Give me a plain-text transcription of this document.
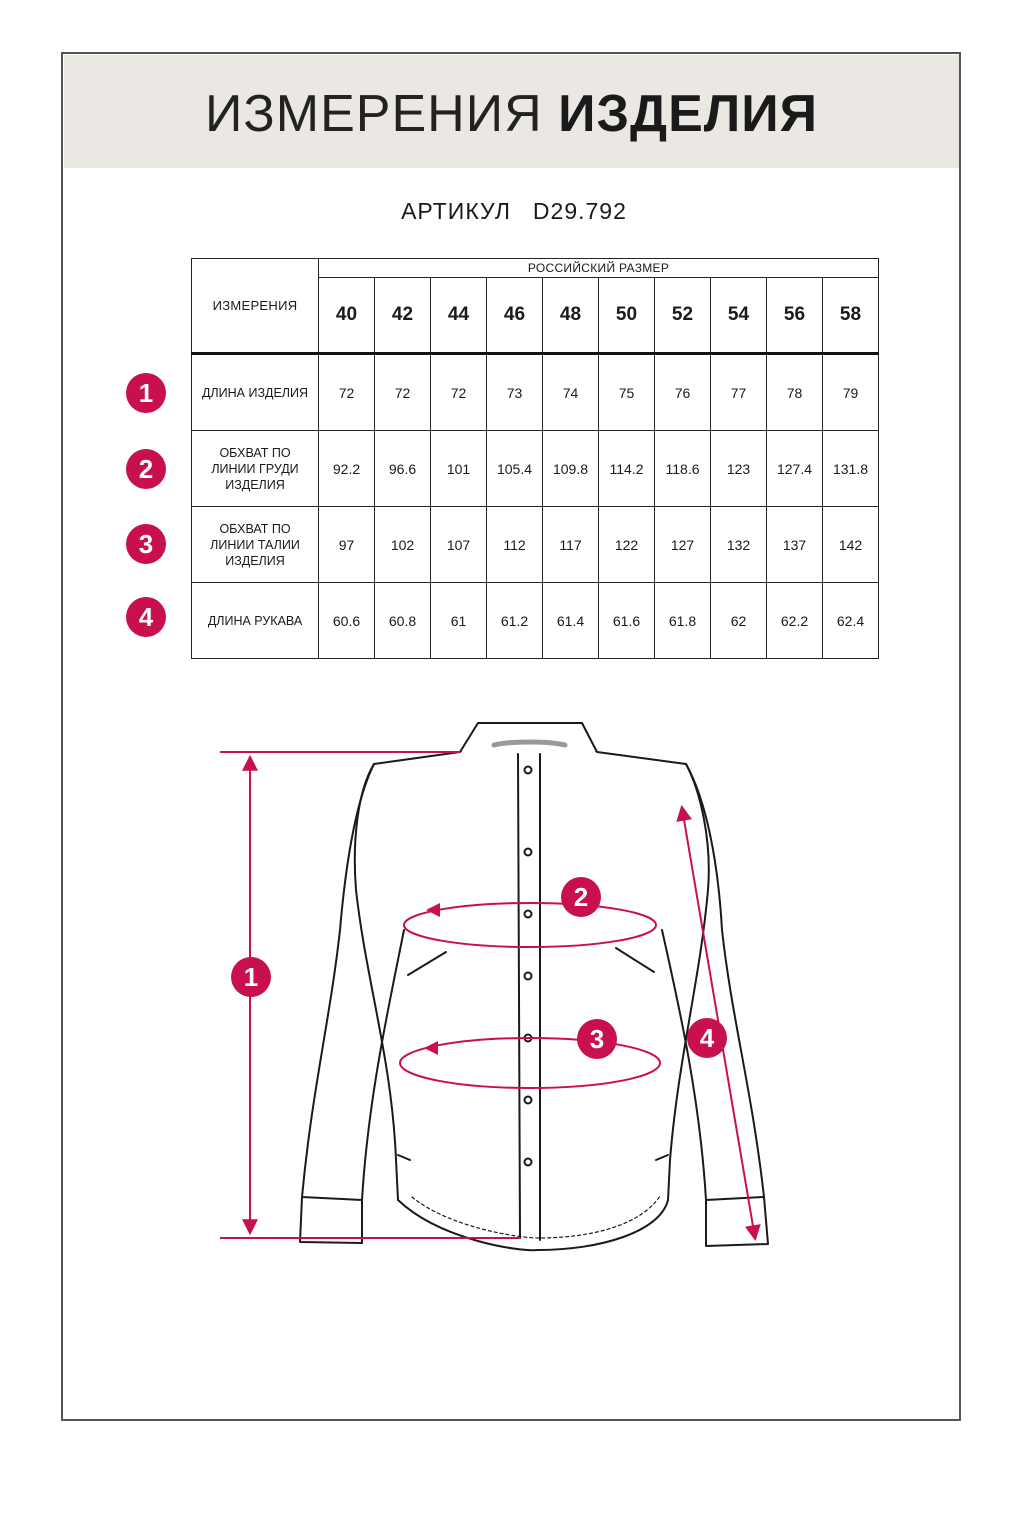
ИЗМЕРЕНИЯ ИЗДЕЛИЯ
АРТИКУЛ D29.792
ИЗМЕРЕНИЯ	РОССИЙСКИЙ РАЗМЕР									
	40	42	44	46	48	50	52	54	56	58
ДЛИНА ИЗДЕЛИЯ	72	72	72	73	74	75	76	77	78	79
ОБХВАТ ПО ЛИНИИ ГРУДИ ИЗДЕЛИЯ	92.2	96.6	101	105.4	109.8	114.2	118.6	123	127.4	131.8
ОБХВАТ ПО ЛИНИИ ТАЛИИ ИЗДЕЛИЯ	97	102	107	112	117	122	127	132	137	142
ДЛИНА РУКАВА	60.6	60.8	61	61.2	61.4	61.6	61.8	62	62.2	62.4
1
2
3
4
1
2
3	4
